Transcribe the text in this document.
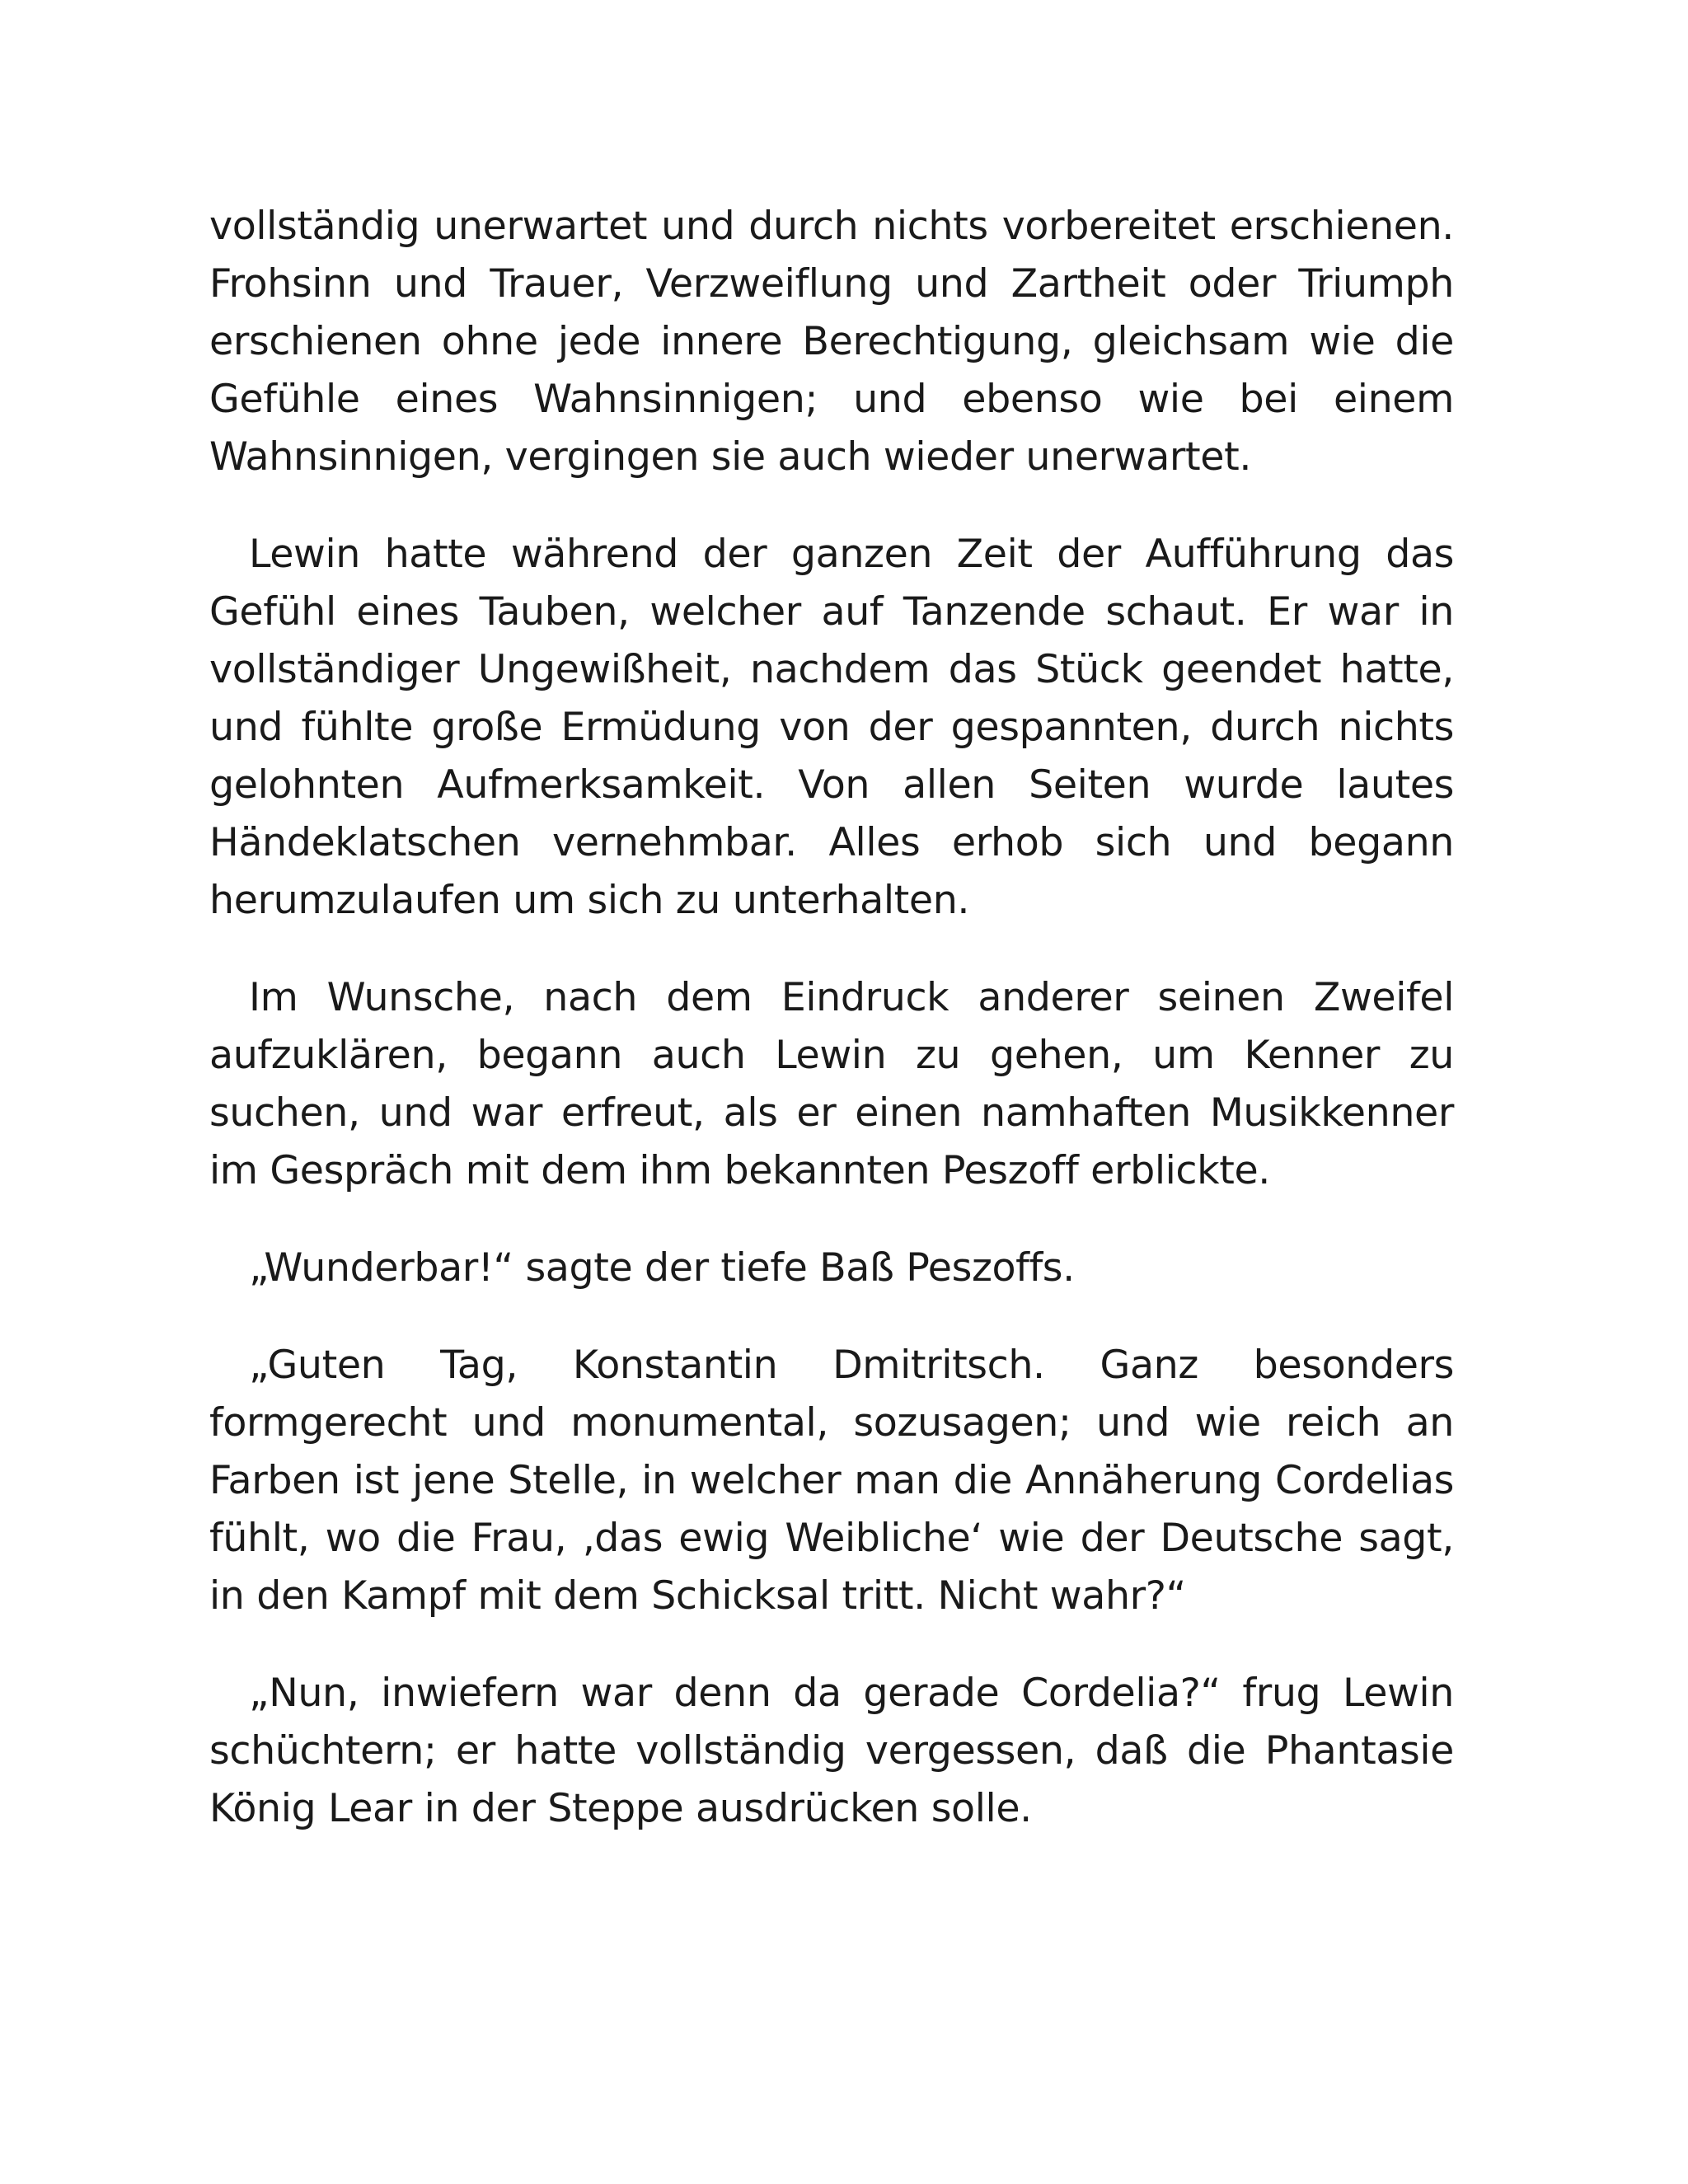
vollständig unerwartet und durch nichts vorbereitet erschienen. Frohsinn und Trauer, Verzweiflung und Zartheit oder Triumph erschienen ohne jede innere Berechtigung, gleichsam wie die Gefühle eines Wahnsinnigen; und ebenso wie bei einem Wahnsinnigen, vergingen sie auch wieder unerwartet.

Lewin hatte während der ganzen Zeit der Aufführung das Gefühl eines Tauben, welcher auf Tanzende schaut. Er war in vollständiger Ungewißheit, nachdem das Stück geendet hatte, und fühlte große Ermüdung von der gespannten, durch nichts gelohnten Aufmerksamkeit. Von allen Seiten wurde lautes Händeklatschen vernehmbar. Alles erhob sich und begann herumzulaufen um sich zu unterhalten.

Im Wunsche, nach dem Eindruck anderer seinen Zweifel aufzuklären, begann auch Lewin zu gehen, um Kenner zu suchen, und war erfreut, als er einen namhaften Musikkenner im Gespräch mit dem ihm bekannten Peszoff erblickte.

„Wunderbar!“ sagte der tiefe Baß Peszoffs.

„Guten Tag, Konstantin Dmitritsch. Ganz besonders formgerecht und monumental, sozusagen; und wie reich an Farben ist jene Stelle, in welcher man die Annäherung Cordelias fühlt, wo die Frau, ‚das ewig Weibliche‘ wie der Deutsche sagt, in den Kampf mit dem Schicksal tritt. Nicht wahr?“

„Nun, inwiefern war denn da gerade Cordelia?“ frug Lewin schüchtern; er hatte vollständig vergessen, daß die Phantasie König Lear in der Steppe ausdrücken solle.
